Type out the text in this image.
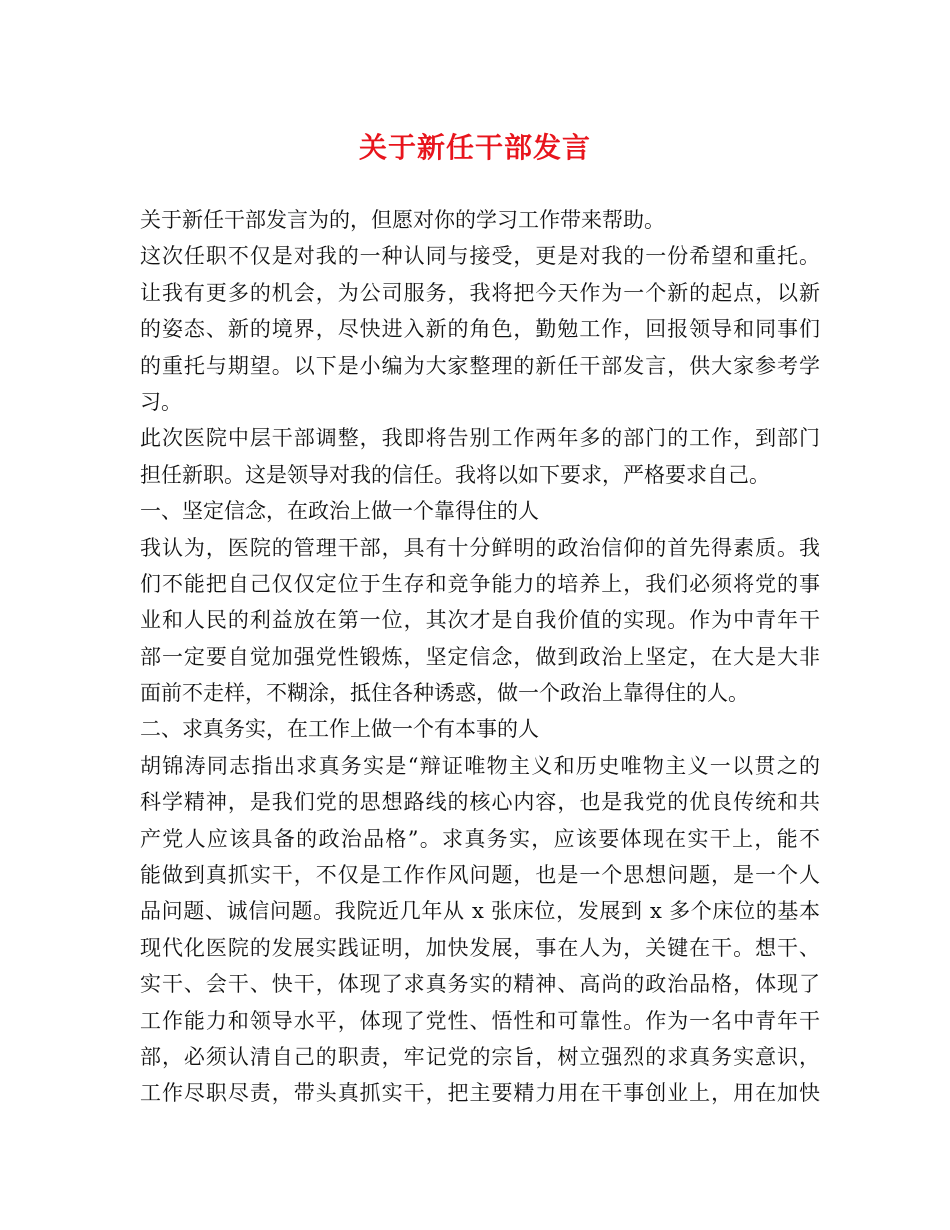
关于新任干部发言
关于新任干部发言为的，但愿对你的学习工作带来帮助。
这次任职不仅是对我的一种认同与接受，更是对我的一份希望和重托。
让我有更多的机会，为公司服务，我将把今天作为一个新的起点，以新
的姿态、新的境界，尽快进入新的角色，勤勉工作，回报领导和同事们
的重托与期望。以下是小编为大家整理的新任干部发言，供大家参考学
习。
此次医院中层干部调整，我即将告别工作两年多的部门的工作，到部门
担任新职。这是领导对我的信任。我将以如下要求，严格要求自己。
一、坚定信念，在政治上做一个靠得住的人
我认为，医院的管理干部，具有十分鲜明的政治信仰的首先得素质。我
们不能把自己仅仅定位于生存和竞争能力的培养上，我们必须将党的事
业和人民的利益放在第一位，其次才是自我价值的实现。作为中青年干
部一定要自觉加强党性锻炼，坚定信念，做到政治上坚定，在大是大非
面前不走样，不糊涂，抵住各种诱惑，做一个政治上靠得住的人。
二、求真务实，在工作上做一个有本事的人
胡锦涛同志指出求真务实是“辩证唯物主义和历史唯物主义一以贯之的
科学精神，是我们党的思想路线的核心内容，也是我党的优良传统和共
产党人应该具备的政治品格”。求真务实，应该要体现在实干上，能不
能做到真抓实干，不仅是工作作风问题，也是一个思想问题，是一个人
品问题、诚信问题。我院近几年从 x 张床位，发展到 x 多个床位的基本
现代化医院的发展实践证明，加快发展，事在人为，关键在干。想干、
实干、会干、快干，体现了求真务实的精神、高尚的政治品格，体现了
工作能力和领导水平，体现了党性、悟性和可靠性。作为一名中青年干
部，必须认清自己的职责，牢记党的宗旨，树立强烈的求真务实意识，
工作尽职尽责，带头真抓实干，把主要精力用在干事创业上，用在加快
